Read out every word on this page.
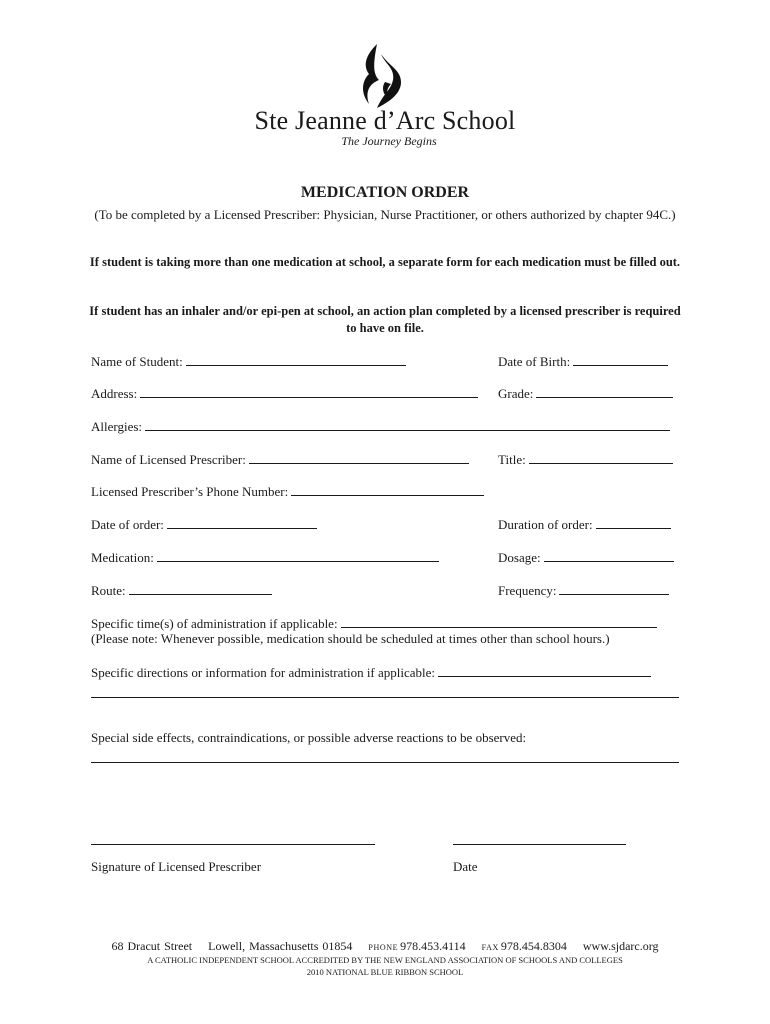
Ste Jeanne d’Arc School
The Journey Begins
MEDICATION ORDER
(To be completed by a Licensed Prescriber: Physician, Nurse Practitioner, or others authorized by chapter 94C.)
If student is taking more than one medication at school, a separate form for each medication must be filled out.
If student has an inhaler and/or epi-pen at school, an action plan completed by a licensed prescriber is required to have on file.
Name of Student:	Date of Birth:
Address:	Grade:
Allergies:
Name of Licensed Prescriber:	Title:
Licensed Prescriber’s Phone Number:
Date of order:	Duration of order:
Medication:	Dosage:
Route:	Frequency:
Specific time(s) of administration if applicable:
(Please note: Whenever possible, medication should be scheduled at times other than school hours.)
Specific directions or information for administration if applicable:
Special side effects, contraindications, or possible adverse reactions to be observed:
Signature of Licensed Prescriber	Date
68 Dracut Street Lowell, Massachusetts 01854 PHONE 978.453.4114 FAX 978.454.8304 www.sjdarc.org
A CATHOLIC INDEPENDENT SCHOOL ACCREDITED BY THE NEW ENGLAND ASSOCIATION OF SCHOOLS AND COLLEGES
2010 NATIONAL BLUE RIBBON SCHOOL
